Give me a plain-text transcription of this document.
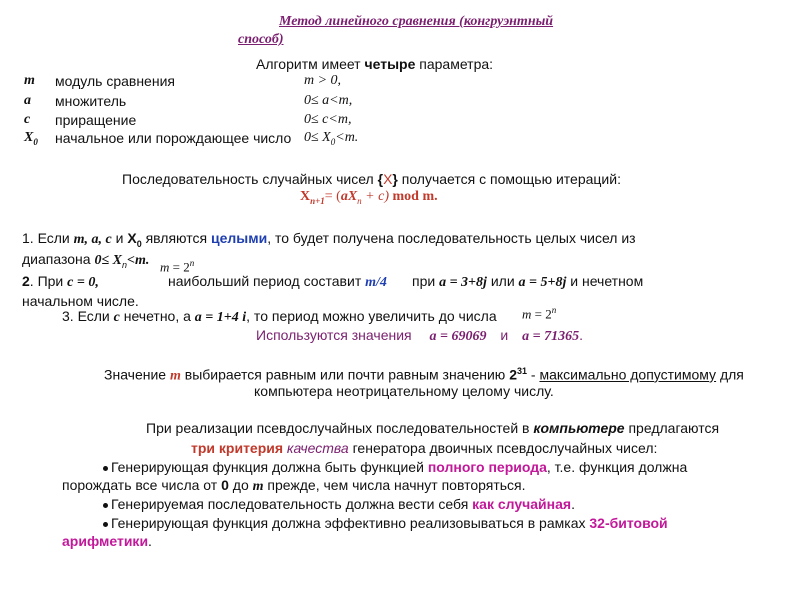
Метод линейного сравнения (конгруэнтный
способ)
Алгоритм имеет четыре параметра:
m модуль сравнения	m > 0,
a множитель	0≤ a<m,
c приращение	0≤ c<m,
$X_0$ начальное или порождающее число $0\le X_0<m$.
Последовательность случайных чисел {X} получается с помощью итераций:
$X_{n+1}= (aX_n + c)$ mod m.
1. Если m, a, c и $X_0$ являются целыми, то будет получена последовательность целых чисел из
диапазона $0\le X_n<m$. $m = 2^n$
2. При c = 0,	наибольший период составит m/4 при a = 3+8j или a = 5+8j и нечетном
начальном числе.
3. Если c нечетно, а a = 1+4 i, то период можно увеличить до числа $m = 2^n$
Используются значения a = 69069 и a = 71365.
Значение m выбирается равным или почти равным значению $2^{31}$ - максимально допустимому для
компьютера неотрицательному целому числу.
При реализации псевдослучайных последовательностей в компьютере предлагаются
три критерия качества генератора двоичных псевдослучайных чисел:
Генерирующая функция должна быть функцией полного периода, т.е. функция должна
порождать все числа от 0 до m прежде, чем числа начнут повторяться.
Генерируемая последовательность должна вести себя как случайная.
Генерирующая функция должна эффективно реализовываться в рамках 32-битовой
арифметики.
